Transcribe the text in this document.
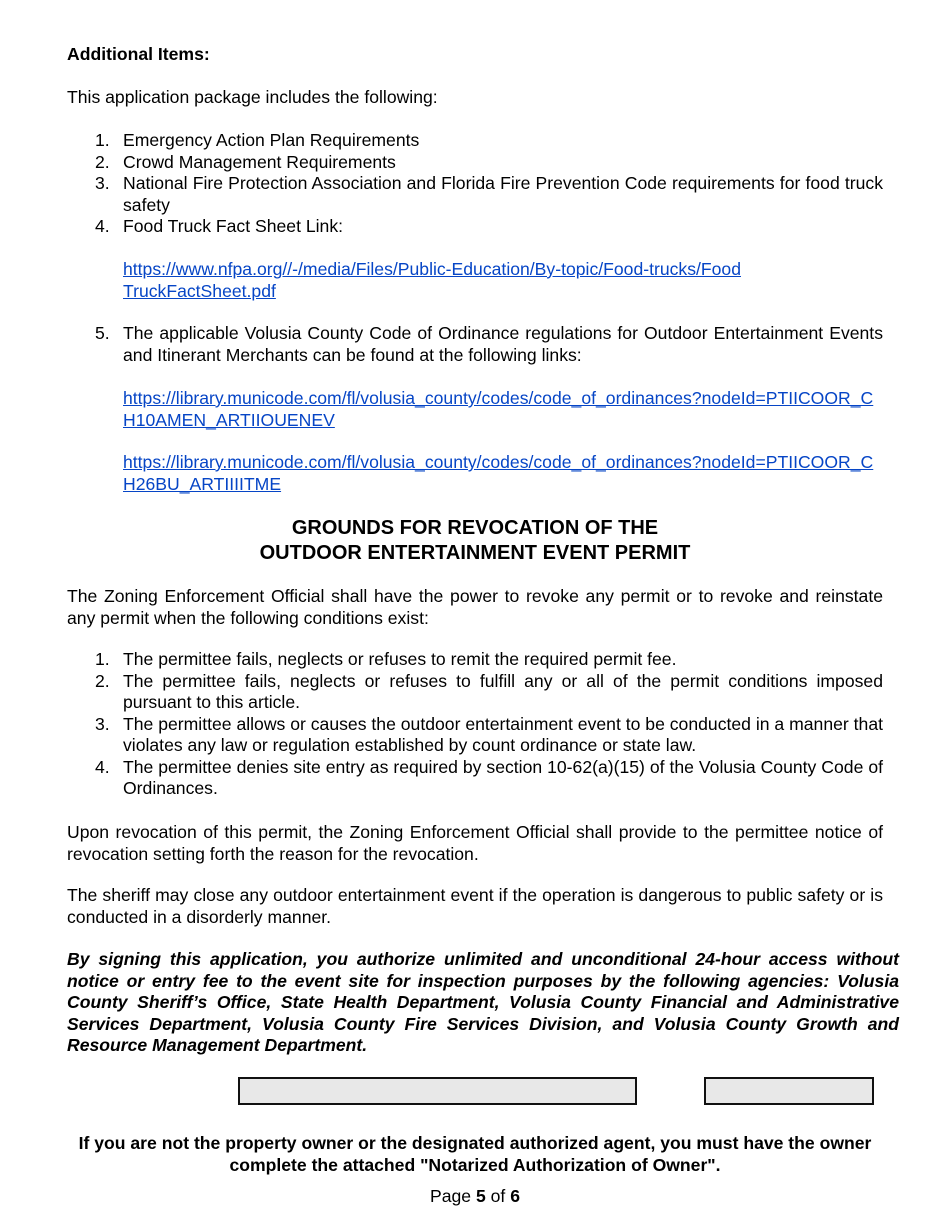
Additional Items:
This application package includes the following:
1. Emergency Action Plan Requirements
2. Crowd Management Requirements
3. National Fire Protection Association and Florida Fire Prevention Code requirements for food truck safety
4. Food Truck Fact Sheet Link:
https://www.nfpa.org//-/media/Files/Public-Education/By-topic/Food-trucks/FoodTruckFactSheet.pdf
5. The applicable Volusia County Code of Ordinance regulations for Outdoor Entertainment Events and Itinerant Merchants can be found at the following links:
https://library.municode.com/fl/volusia_county/codes/code_of_ordinances?nodeId=PTIICOOR_CH10AMEN_ARTIIOUENEV
https://library.municode.com/fl/volusia_county/codes/code_of_ordinances?nodeId=PTIICOOR_CH26BU_ARTIIIITME
GROUNDS FOR REVOCATION OF THE
OUTDOOR ENTERTAINMENT EVENT PERMIT
The Zoning Enforcement Official shall have the power to revoke any permit or to revoke and reinstate any permit when the following conditions exist:
1. The permittee fails, neglects or refuses to remit the required permit fee.
2. The permittee fails, neglects or refuses to fulfill any or all of the permit conditions imposed pursuant to this article.
3. The permittee allows or causes the outdoor entertainment event to be conducted in a manner that violates any law or regulation established by count ordinance or state law.
4. The permittee denies site entry as required by section 10-62(a)(15) of the Volusia County Code of Ordinances.
Upon revocation of this permit, the Zoning Enforcement Official shall provide to the permittee notice of revocation setting forth the reason for the revocation.
The sheriff may close any outdoor entertainment event if the operation is dangerous to public safety or is conducted in a disorderly manner.
By signing this application, you authorize unlimited and unconditional 24-hour access without notice or entry fee to the event site for inspection purposes by the following agencies: Volusia County Sheriff’s Office, State Health Department, Volusia County Financial and Administrative Services Department, Volusia County Fire Services Division, and Volusia County Growth and Resource Management Department.
If you are not the property owner or the designated authorized agent, you must have the owner complete the attached "Notarized Authorization of Owner".
Page 5 of 6
